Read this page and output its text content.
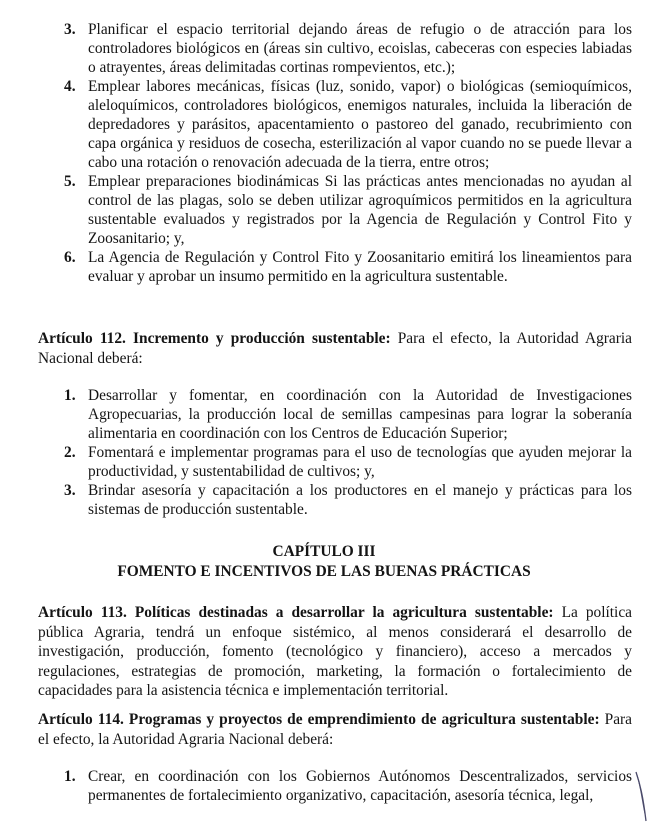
3. Planificar el espacio territorial dejando áreas de refugio o de atracción para los controladores biológicos en (áreas sin cultivo, ecoislas, cabeceras con especies labiadas o atrayentes, áreas delimitadas cortinas rompevientos, etc.);
4. Emplear labores mecánicas, físicas (luz, sonido, vapor) o biológicas (semioquímicos, aleloquímicos, controladores biológicos, enemigos naturales, incluida la liberación de depredadores y parásitos, apacentamiento o pastoreo del ganado, recubrimiento con capa orgánica y residuos de cosecha, esterilización al vapor cuando no se puede llevar a cabo una rotación o renovación adecuada de la tierra, entre otros;
5. Emplear preparaciones biodinámicas Si las prácticas antes mencionadas no ayudan al control de las plagas, solo se deben utilizar agroquímicos permitidos en la agricultura sustentable evaluados y registrados por la Agencia de Regulación y Control Fito y Zoosanitario; y,
6. La Agencia de Regulación y Control Fito y Zoosanitario emitirá los lineamientos para evaluar y aprobar un insumo permitido en la agricultura sustentable.
Artículo 112. Incremento y producción sustentable: Para el efecto, la Autoridad Agraria Nacional deberá:
1. Desarrollar y fomentar, en coordinación con la Autoridad de Investigaciones Agropecuarias, la producción local de semillas campesinas para lograr la soberanía alimentaria en coordinación con los Centros de Educación Superior;
2. Fomentará e implementar programas para el uso de tecnologías que ayuden mejorar la productividad, y sustentabilidad de cultivos; y,
3. Brindar asesoría y capacitación a los productores en el manejo y prácticas para los sistemas de producción sustentable.
CAPÍTULO III
FOMENTO E INCENTIVOS DE LAS BUENAS PRÁCTICAS
Artículo 113. Políticas destinadas a desarrollar la agricultura sustentable: La política pública Agraria, tendrá un enfoque sistémico, al menos considerará el desarrollo de investigación, producción, fomento (tecnológico y financiero), acceso a mercados y regulaciones, estrategias de promoción, marketing, la formación o fortalecimiento de capacidades para la asistencia técnica e implementación territorial.
Artículo 114. Programas y proyectos de emprendimiento de agricultura sustentable: Para el efecto, la Autoridad Agraria Nacional deberá:
1. Crear, en coordinación con los Gobiernos Autónomos Descentralizados, servicios permanentes de fortalecimiento organizativo, capacitación, asesoría técnica, legal,
